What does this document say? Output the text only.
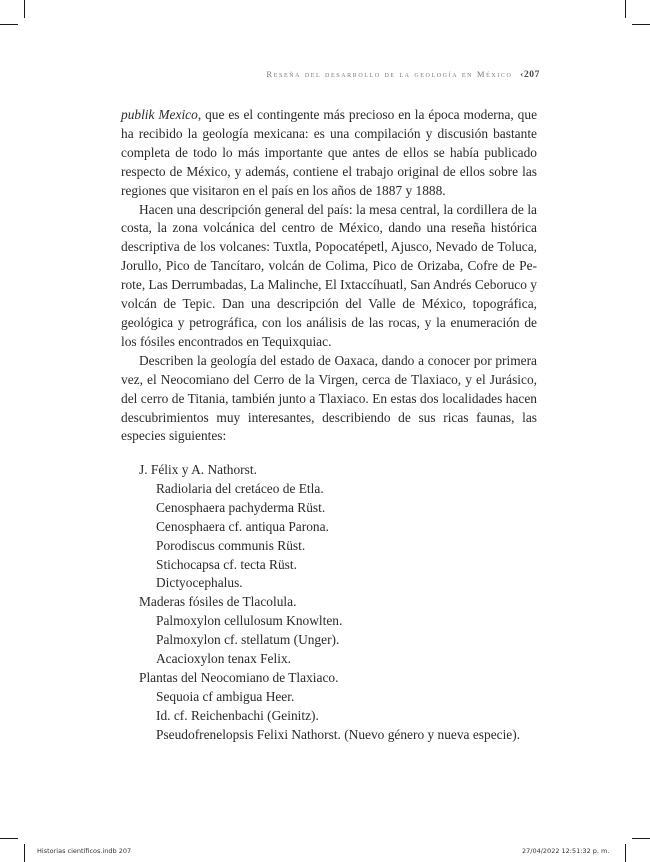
Reseña del desarrollo de la geología en México ‹207

publik Mexico, que es el contingente más precioso en la época moderna, que ha recibido la geología mexicana: es una compilación y discusión bastante completa de todo lo más importante que antes de ellos se había publicado respecto de México, y además, contiene el trabajo original de ellos sobre las regiones que visitaron en el país en los años de 1887 y 1888.

Hacen una descripción general del país: la mesa central, la cordillera de la costa, la zona volcánica del centro de México, dando una reseña histórica descriptiva de los volcanes: Tuxtla, Popocatépetl, Ajusco, Nevado de Toluca, Jorullo, Pico de Tancítaro, volcán de Colima, Pico de Orizaba, Cofre de Perote, Las Derrumbadas, La Malinche, El Ixtaccíhuatl, San Andrés Ceboruco y volcán de Tepic. Dan una descripción del Valle de México, topográfica, geológica y petrográfica, con los análisis de las rocas, y la enumeración de los fósiles encontrados en Tequixquiac.

Describen la geología del estado de Oaxaca, dando a conocer por primera vez, el Neocomiano del Cerro de la Virgen, cerca de Tlaxiaco, y el Jurásico, del cerro de Titania, también junto a Tlaxiaco. En estas dos localidades hacen descubrimientos muy interesantes, describiendo de sus ricas faunas, las especies siguientes:

J. Félix y A. Nathorst.
Radiolaria del cretáceo de Etla.
Cenosphaera pachyderma Rüst.
Cenosphaera cf. antiqua Parona.
Porodiscus communis Rüst.
Stichocapsa cf. tecta Rüst.
Dictyocephalus.
Maderas fósiles de Tlacolula.
Palmoxylon cellulosum Knowlten.
Palmoxylon cf. stellatum (Unger).
Acacioxylon tenax Felix.
Plantas del Neocomiano de Tlaxiaco.
Sequoia cf ambigua Heer.
Id. cf. Reichenbachi (Geinitz).
Pseudofrenelopsis Felixi Nathorst. (Nuevo género y nueva especie).
Historias científicos.indb 207	27/04/2022 12:51:32 p. m.
